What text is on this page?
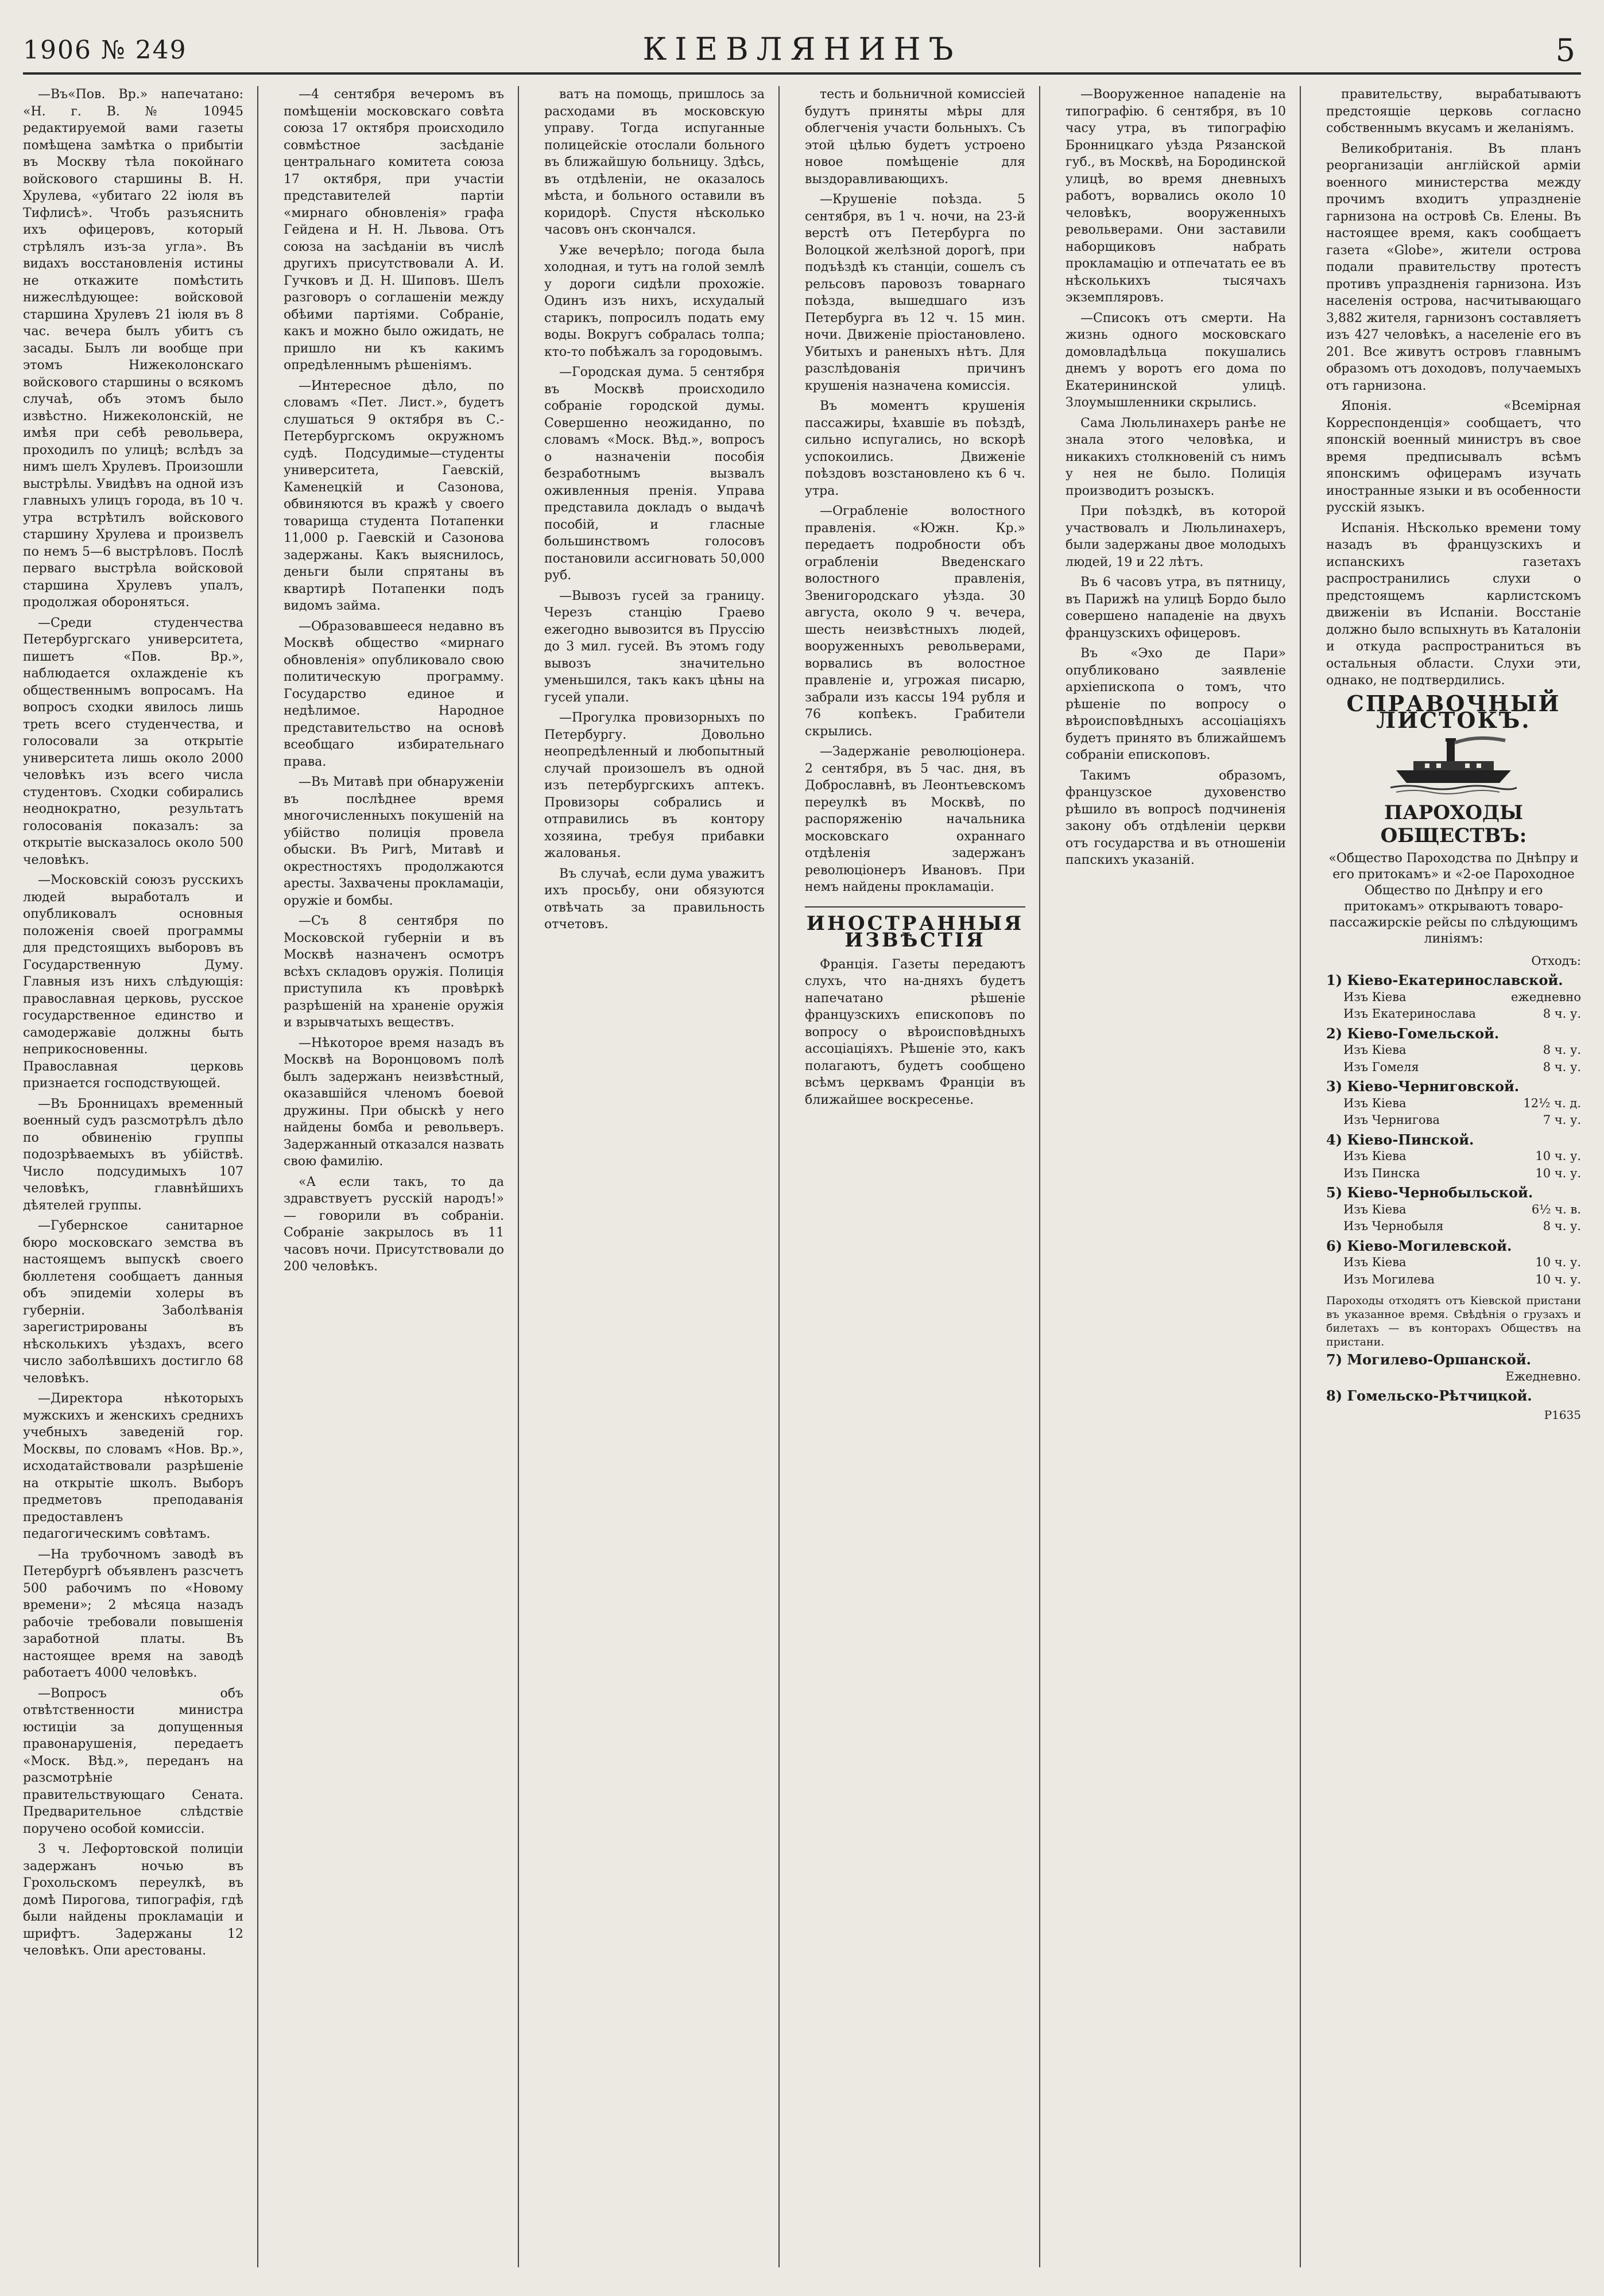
1906 № 249	КІЕВЛЯНИНЪ	5

—Въ«Пов. Вр.» напечатано: «Н. г. В. № 10945 редактируемой вами газеты помѣщена замѣтка о прибытіи въ Москву тѣла покойнаго войскового старшины В. Н. Хрулева, «убитаго 22 іюля въ Тифлисѣ». Чтобъ разъяснить ихъ офицеровъ, который стрѣлялъ изъ-за угла». Въ видахъ восстановленія истины не откажите помѣстить нижеслѣдующее: войсковой старшина Хрулевъ 21 іюля въ 8 час. вечера былъ убитъ съ засады. Былъ ли вообще при этомъ Нижеколонскаго войскового старшины о всякомъ случаѣ, объ этомъ было извѣстно. Нижеколонскій, не имѣя при себѣ револьвера, проходилъ по улицѣ; вслѣдъ за нимъ шелъ Хрулевъ. Произошли выстрѣлы. Увидѣвъ на одной изъ главныхъ улицъ города, въ 10 ч. утра встрѣтилъ войскового старшину Хрулева и произвелъ по немъ 5—6 выстрѣловъ. Послѣ перваго выстрѣла войсковой старшина Хрулевъ упалъ, продолжая обороняться.

—Среди студенчества Петербургскаго университета, пишетъ «Пов. Вр.», наблюдается охлажденіе къ общественнымъ вопросамъ. На вопросъ сходки явилось лишь треть всего студенчества, и голосовали за открытіе университета лишь около 2000 человѣкъ изъ всего числа студентовъ. Сходки собирались неоднократно, результатъ голосованія показалъ: за открытіе высказалось около 500 человѣкъ.

—Московскій союзъ русскихъ людей выработалъ и опубликовалъ основныя положенія своей программы для предстоящихъ выборовъ въ Государственную Думу. Главныя изъ нихъ слѣдующія: православная церковь, русское государственное единство и самодержавіе должны быть неприкосновенны. Православная церковь признается господствующей.

—Въ Бронницахъ временный военный судъ разсмотрѣлъ дѣло по обвиненію группы подозрѣваемыхъ въ убійствѣ. Число подсудимыхъ 107 человѣкъ, главнѣйшихъ дѣятелей группы.

—Губернское санитарное бюро московскаго земства въ настоящемъ выпускѣ своего бюллетеня сообщаетъ данныя объ эпидеміи холеры въ губерніи. Заболѣванія зарегистрированы въ нѣсколькихъ уѣздахъ, всего число заболѣвшихъ достигло 68 человѣкъ.

—Директора нѣкоторыхъ мужскихъ и женскихъ среднихъ учебныхъ заведеній гор. Москвы, по словамъ «Нов. Вр.», исходатайствовали разрѣшеніе на открытіе школъ. Выборъ предметовъ преподаванія предоставленъ педагогическимъ совѣтамъ.

—На трубочномъ заводѣ въ Петербургѣ объявленъ разсчетъ 500 рабочимъ по «Новому времени»; 2 мѣсяца назадъ рабочіе требовали повышенія заработной платы. Въ настоящее время на заводѣ работаетъ 4000 человѣкъ.

—Вопросъ объ отвѣтственности министра юстиціи за допущенныя правонарушенія, передаетъ «Моск. Вѣд.», переданъ на разсмотрѣніе правительствующаго Сената. Предварительное слѣдствіе поручено особой комиссіи.

3 ч. Лефортовской полиціи задержанъ ночью въ Грохольскомъ переулкѣ, въ домѣ Пирогова, типографія, гдѣ были найдены прокламаціи и шрифтъ. Задержаны 12 человѣкъ. Опи арестованы.

—4 сентября вечеромъ въ помѣщеніи московскаго совѣта союза 17 октября происходило совмѣстное засѣданіе центральнаго комитета союза 17 октября, при участіи представителей партіи «мирнаго обновленія» графа Гейдена и Н. Н. Львова. Отъ союза на засѣданіи въ числѣ другихъ присутствовали А. И. Гучковъ и Д. Н. Шиповъ. Шелъ разговоръ о соглашеніи между обѣими партіями. Собраніе, какъ и можно было ожидать, не пришло ни къ какимъ опредѣленнымъ рѣшеніямъ.

—Интересное дѣло, по словамъ «Пет. Лист.», будетъ слушаться 9 октября въ С.-Петербургскомъ окружномъ судѣ. Подсудимые—студенты университета, Гаевскій, Каменецкій и Сазонова, обвиняются въ кражѣ у своего товарища студента Потапенки 11,000 р. Гаевскій и Сазонова задержаны. Какъ выяснилось, деньги были спрятаны въ квартирѣ Потапенки подъ видомъ займа.

—Образовавшееся недавно въ Москвѣ общество «мирнаго обновленія» опубликовало свою политическую программу. Государство единое и недѣлимое. Народное представительство на основѣ всеобщаго избирательнаго права.

—Въ Митавѣ при обнаруженіи въ послѣднее время многочисленныхъ покушеній на убійство полиція провела обыски. Въ Ригѣ, Митавѣ и окрестностяхъ продолжаются аресты. Захвачены прокламаціи, оружіе и бомбы.

—Съ 8 сентября по Московской губерніи и въ Москвѣ назначенъ осмотръ всѣхъ складовъ оружія. Полиція приступила къ провѣркѣ разрѣшеній на храненіе оружія и взрывчатыхъ веществъ.

—Нѣкоторое время назадъ въ Москвѣ на Воронцовомъ полѣ былъ задержанъ неизвѣстный, оказавшійся членомъ боевой дружины. При обыскѣ у него найдены бомба и револьверъ. Задержанный отказался назвать свою фамилію.

«А если такъ, то да здравствуетъ русскій народъ!» — говорили въ собраніи. Собраніе закрылось въ 11 часовъ ночи. Присутствовали до 200 человѣкъ.

ватъ на помощь, пришлось за расходами въ московскую управу. Тогда испуганные полицейскіе отослали больного въ ближайшую больницу. Здѣсь, въ отдѣленіи, не оказалось мѣста, и больного оставили въ коридорѣ. Спустя нѣсколько часовъ онъ скончался.

Уже вечерѣло; погода была холодная, и тутъ на голой землѣ у дороги сидѣли прохожіе. Одинъ изъ нихъ, исхудалый старикъ, попросилъ подать ему воды. Вокругъ собралась толпа; кто-то побѣжалъ за городовымъ.

—Городская дума. 5 сентября въ Москвѣ происходило собраніе городской думы. Совершенно неожиданно, по словамъ «Моск. Вѣд.», вопросъ о назначеніи пособія безработнымъ вызвалъ оживленныя пренія. Управа представила докладъ о выдачѣ пособій, и гласные большинствомъ голосовъ постановили ассигновать 50,000 руб.

—Вывозъ гусей за границу. Черезъ станцію Граево ежегодно вывозится въ Пруссію до 3 мил. гусей. Въ этомъ году вывозъ значительно уменьшился, такъ какъ цѣны на гусей упали.

—Прогулка провизорныхъ по Петербургу. Довольно неопредѣленный и любопытный случай произошелъ въ одной изъ петербургскихъ аптекъ. Провизоры собрались и отправились въ контору хозяина, требуя прибавки жалованья.

Въ случаѣ, если дума уважитъ ихъ просьбу, они обязуются отвѣчать за правильность отчетовъ.

тесть и больничной комиссіей будутъ приняты мѣры для облегченія участи больныхъ. Съ этой цѣлью будетъ устроено новое помѣщеніе для выздоравливающихъ.

—Крушеніе поѣзда. 5 сентября, въ 1 ч. ночи, на 23-й верстѣ отъ Петербурга по Волоцкой желѣзной дорогѣ, при подъѣздѣ къ станціи, сошелъ съ рельсовъ паровозъ товарнаго поѣзда, вышедшаго изъ Петербурга въ 12 ч. 15 мин. ночи. Движеніе пріостановлено. Убитыхъ и раненыхъ нѣтъ. Для разслѣдованія причинъ крушенія назначена комиссія.

Въ моментъ крушенія пассажиры, ѣхавшіе въ поѣздѣ, сильно испугались, но вскорѣ успокоились. Движеніе поѣздовъ возстановлено къ 6 ч. утра.

—Ограбленіе волостного правленія. «Южн. Кр.» передаетъ подробности объ ограбленіи Введенскаго волостного правленія, Звенигородскаго уѣзда. 30 августа, около 9 ч. вечера, шесть неизвѣстныхъ людей, вооруженныхъ револьверами, ворвались въ волостное правленіе и, угрожая писарю, забрали изъ кассы 194 рубля и 76 копѣекъ. Грабители скрылись.

—Задержаніе революціонера. 2 сентября, въ 5 час. дня, въ Доброславнѣ, въ Леонтьевскомъ переулкѣ въ Москвѣ, по распоряженію начальника московскаго охраннаго отдѣленія задержанъ революціонеръ Ивановъ. При немъ найдены прокламаціи.

ИНОСТРАННЫЯ ИЗВѢСТІЯ

Франція. Газеты передаютъ слухъ, что на-дняхъ будетъ напечатано рѣшеніе французскихъ епископовъ по вопросу о вѣроисповѣдныхъ ассоціаціяхъ. Рѣшеніе это, какъ полагаютъ, будетъ сообщено всѣмъ церквамъ Франціи въ ближайшее воскресенье.

—Вооруженное нападеніе на типографію. 6 сентября, въ 10 часу утра, въ типографію Бронницкаго уѣзда Рязанской губ., въ Москвѣ, на Бородинской улицѣ, во время дневныхъ работъ, ворвались около 10 человѣкъ, вооруженныхъ револьверами. Они заставили наборщиковъ набрать прокламацію и отпечатать ее въ нѣсколькихъ тысячахъ экземпляровъ.

—Списокъ отъ смерти. На жизнь одного московскаго домовладѣльца покушались днемъ у воротъ его дома по Екатерининской улицѣ. Злоумышленники скрылись.

Сама Люльлинахеръ ранѣе не знала этого человѣка, и никакихъ столкновеній съ нимъ у нея не было. Полиція производитъ розыскъ.

При поѣздкѣ, въ которой участвовалъ и Люльлинахеръ, были задержаны двое молодыхъ людей, 19 и 22 лѣтъ.

Въ 6 часовъ утра, въ пятницу, въ Парижѣ на улицѣ Бордо было совершено нападеніе на двухъ французскихъ офицеровъ.

Въ «Эхо де Пари» опубликовано заявленіе архіепископа о томъ, что рѣшеніе по вопросу о вѣроисповѣдныхъ ассоціаціяхъ будетъ принято въ ближайшемъ собраніи епископовъ.

Такимъ образомъ, французское духовенство рѣшило въ вопросѣ подчиненія закону объ отдѣленіи церкви отъ государства и въ отношеніи папскихъ указаній.

правительству, вырабатываютъ предстоящіе церковь согласно собственнымъ вкусамъ и желаніямъ.

Великобританія. Въ планъ реорганизаціи англійской арміи военного министерства между прочимъ входитъ упраздненіе гарнизона на островѣ Св. Елены. Въ настоящее время, какъ сообщаетъ газета «Globe», жители острова подали правительству протестъ противъ упраздненія гарнизона. Изъ населенія острова, насчитывающаго 3,882 жителя, гарнизонъ составляетъ изъ 427 человѣкъ, а населеніе его въ 201. Все живутъ островъ главнымъ образомъ отъ доходовъ, получаемыхъ отъ гарнизона.

Японія. «Всемірная Корреспонденція» сообщаетъ, что японскій военный министръ въ свое время предписывалъ всѣмъ японскимъ офицерамъ изучать иностранные языки и въ особенности русскій языкъ.

Испанія. Нѣсколько времени тому назадъ въ французскихъ и испанскихъ газетахъ распространились слухи о предстоящемъ карлистскомъ движеніи въ Испаніи. Восстаніе должно было вспыхнуть въ Каталоніи и откуда распространиться въ остальныя области. Слухи эти, однако, не подтвердились.

СПРАВОЧНЫЙ ЛИСТОКЪ.
ПАРОХОДЫ ОБЩЕСТВЪ:
«Общество Пароходства по Днѣпру и его притокамъ» и «2-ое Пароходное Общество по Днѣпру и его притокамъ» открываютъ товаро-пассажирскіе рейсы по слѣдующимъ линіямъ:
Отходъ:
1) Кіево-Екатеринославской.
Изъ Кіева	ежедневно
Изъ Екатеринослава	8 ч. у.
2) Кіево-Гомельской.
Изъ Кіева	8 ч. у.
Изъ Гомеля	8 ч. у.
3) Кіево-Черниговской.
Изъ Кіева	12½ ч. д.
Изъ Чернигова	7 ч. у.
4) Кіево-Пинской.
Изъ Кіева	10 ч. у.
Изъ Пинска	10 ч. у.
5) Кіево-Чернобыльской.
Изъ Кіева	6½ ч. в.
Изъ Чернобыля	8 ч. у.
6) Кіево-Могилевской.
Изъ Кіева	10 ч. у.
Изъ Могилева	10 ч. у.
Пароходы отходятъ отъ Кіевской пристани въ указанное время. Свѣдѣнія о грузахъ и билетахъ — въ конторахъ Обществъ на пристани.
7) Могилево-Оршанской.
Ежедневно.
8) Гомельско-Рѣтчицкой.
Р1635
